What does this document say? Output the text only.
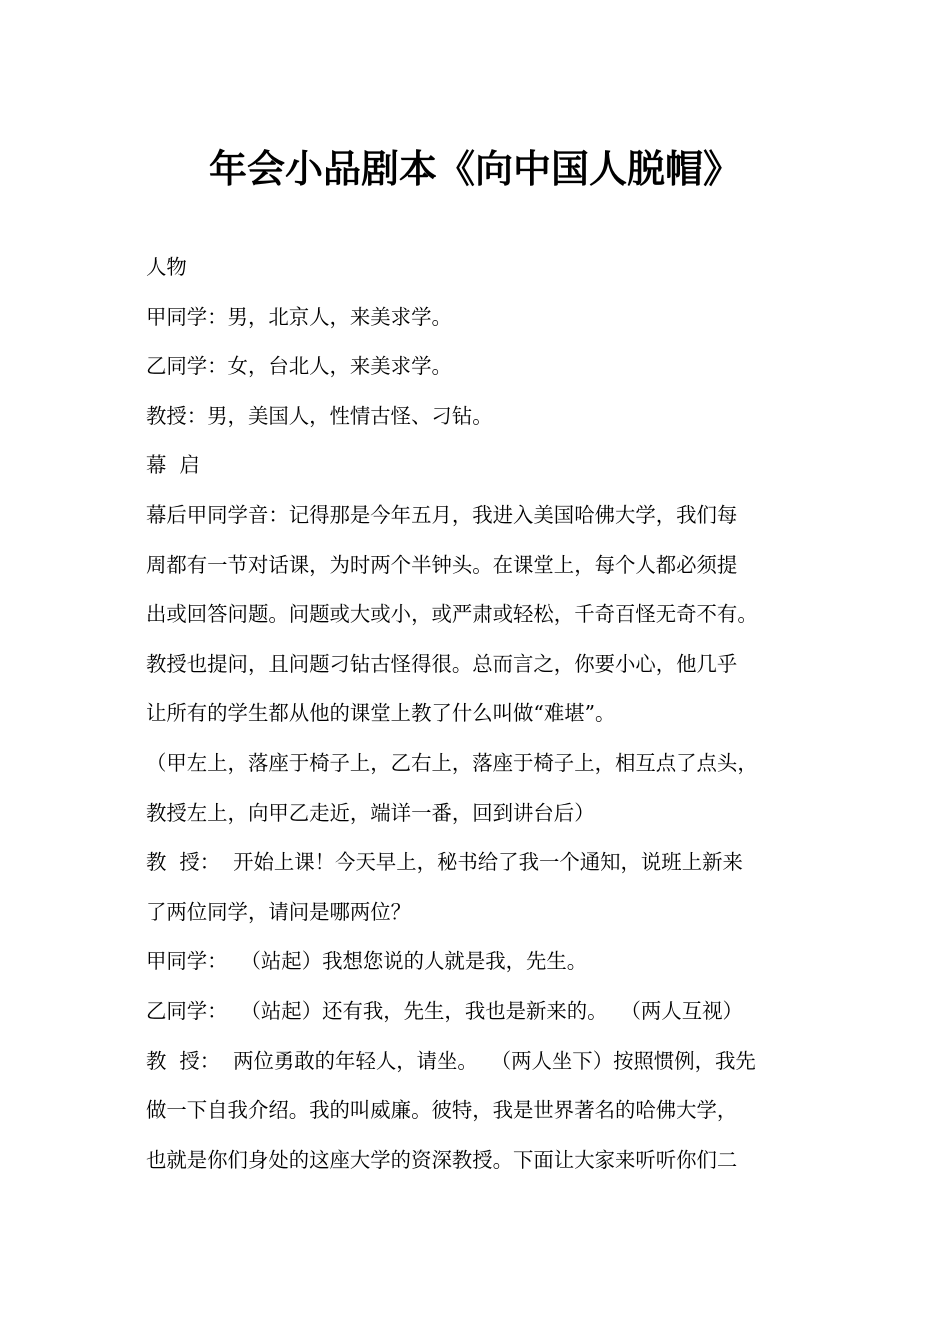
年会小品剧本《向中国人脱帽》
人物
甲同学：男，北京人，来美求学。
乙同学：女，台北人，来美求学。
教授：男，美国人，性情古怪、刁钻。
幕  启
幕后甲同学音：记得那是今年五月，我进入美国哈佛大学，我们每
周都有一节对话课，为时两个半钟头。在课堂上，每个人都必须提
出或回答问题。问题或大或小，或严肃或轻松，千奇百怪无奇不有。
教授也提问，且问题刁钻古怪得很。总而言之，你要小心，他几乎
让所有的学生都从他的课堂上教了什么叫做“难堪”。
（甲左上，落座于椅子上，乙右上，落座于椅子上，相互点了点头，
教授左上，向甲乙走近，端详一番，回到讲台后）
教  授：  开始上课！今天早上，秘书给了我一个通知，说班上新来
了两位同学，请问是哪两位？
甲同学：  （站起）我想您说的人就是我，先生。
乙同学：  （站起）还有我，先生，我也是新来的。  （两人互视）
教  授：  两位勇敢的年轻人，请坐。  （两人坐下）按照惯例，我先
做一下自我介绍。我的叫威廉。彼特，我是世界著名的哈佛大学，
也就是你们身处的这座大学的资深教授。下面让大家来听听你们二
